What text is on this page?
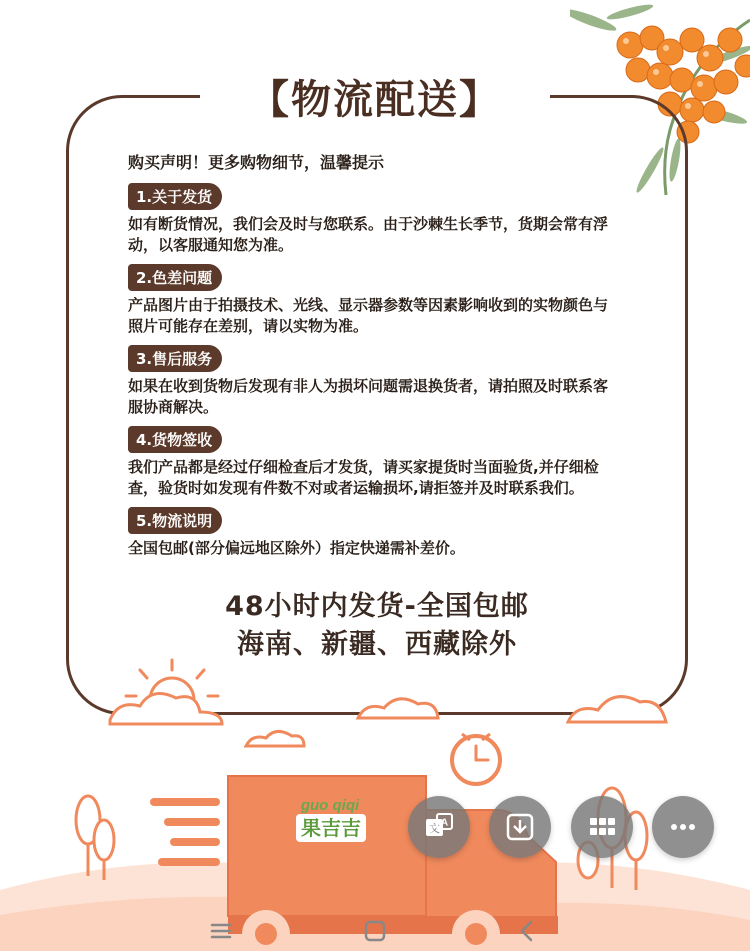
【物流配送】
购买声明！更多购物细节，温馨提示
1.关于发货
如有断货情况，我们会及时与您联系。由于沙棘生长季节，货期会常有浮动，以客服通知您为准。
2.色差问题
产品图片由于拍摄技术、光线、显示器参数等因素影响收到的实物颜色与照片可能存在差别，请以实物为准。
3.售后服务
如果在收到货物后发现有非人为损坏问题需退换货者，请拍照及时联系客服协商解决。
4.货物签收
我们产品都是经过仔细检查后才发货，请买家提货时当面验货,并仔细检查，验货时如发现有件数不对或者运输损坏,请拒签并及时联系我们。
5.物流说明
全国包邮(部分偏远地区除外）指定快递需补差价。
48小时内发货-全国包邮
海南、新疆、西藏除外
guo qiqi
果吉吉	文 A
